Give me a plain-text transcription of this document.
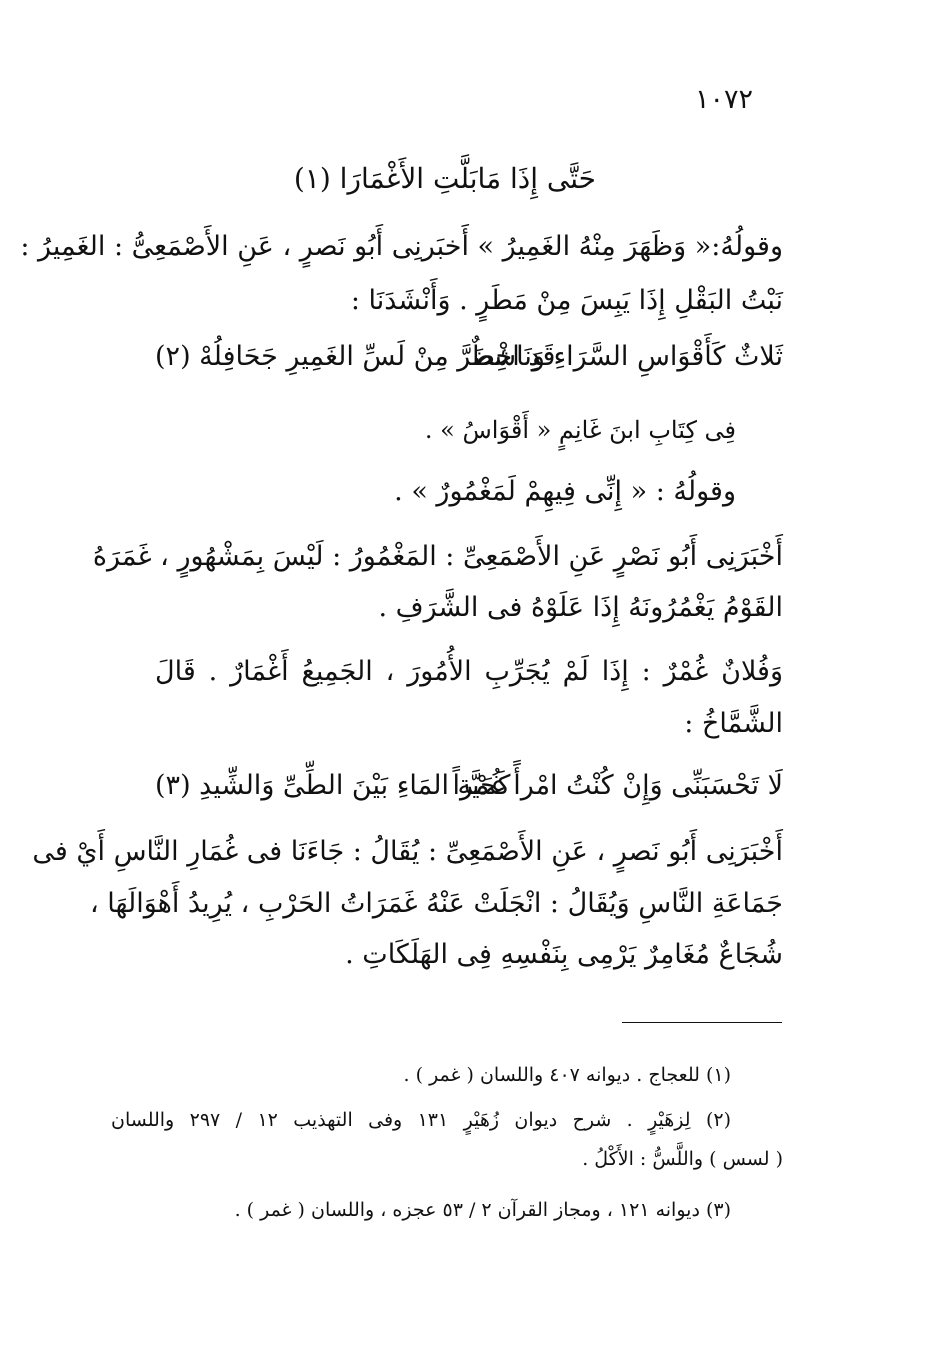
١٠٧٢
حَتَّى إِذَا مَابَلَّتِ الأَغْمَارَا (١)
وقولُهُ:« وَظَهَرَ مِنْهُ الغَمِيرُ » أَخبَرنِى أَبُو نَصرٍ ، عَنِ الأَصْمَعِىُّ : الغَمِيرُ :
نَبْتُ البَقْلِ إِذَا يَبِسَ مِنْ مَطَرٍ . وَأَنْشَدَنَا :
ثَلاثٌ كَأَقْوَاسِ السَّرَاءِ وَنَاشِطٌ
قَدِ اخْضَرَّ مِنْ لَسِّ الغَمِيرِ جَحَافِلُهْ (٢)
فِى كِتَابِ ابنَ غَانِمٍ « أَقْوَاسُ » .
وقولُهُ : « إِنِّى فِيهِمْ لَمَغْمُورٌ » .
أَخْبَرَنِى أَبُو نَصْرٍ عَنِ الأَصْمَعِىِّ : المَغْمُورُ : لَيْسَ بِمَشْهُورٍ ، غَمَرَهُ
القَوْمُ يَغْمُرُونَهُ إِذَا عَلَوْهُ فى الشَّرَفِ .
وَفُلانٌ غُمْرٌ : إِذَا لَمْ يُجَرِّبِ الأُمُورَ ، الجَمِيعُ أَغْمَارٌ . قَالَ
الشَّمَّاخُ :
لَا تَحْسَبَنِّى وَإِنْ كُنْتُ امْرأً غُمْراً
كَحَيَّةِ المَاءِ بَيْنَ الطِّىِّ وَالشِّيدِ (٣)
أَخْبَرَنِى أَبُو نَصرٍ ، عَنِ الأَصْمَعِىِّ : يُقَالُ : جَاءَنَا فى غُمَارِ النَّاسِ أَيْ فى
جَمَاعَةِ النَّاسِ وَيُقَالُ : انْجَلَتْ عَنْهُ غَمَرَاتُ الحَرْبِ ، يُرِيدُ أَهْوَالَهَا ،
شُجَاعٌ مُغَامِرٌ يَرْمِى بِنَفْسِهِ فِى الهَلَكَاتِ .
(١) للعجاج . ديوانه ٤٠٧ واللسان ( غمر ) .
(٢) لِزهَيْرٍ . شرح ديوان زُهَيْرٍ ١٣١ وفى التهذيب ١٢ / ٢٩٧ واللسان
( لسس ) واللَّسُّ : الأَكْلُ .
(٣) ديوانه ١٢١ ، ومجاز القرآن ٢ / ٥٣ عجزه ، واللسان ( غمر ) .
